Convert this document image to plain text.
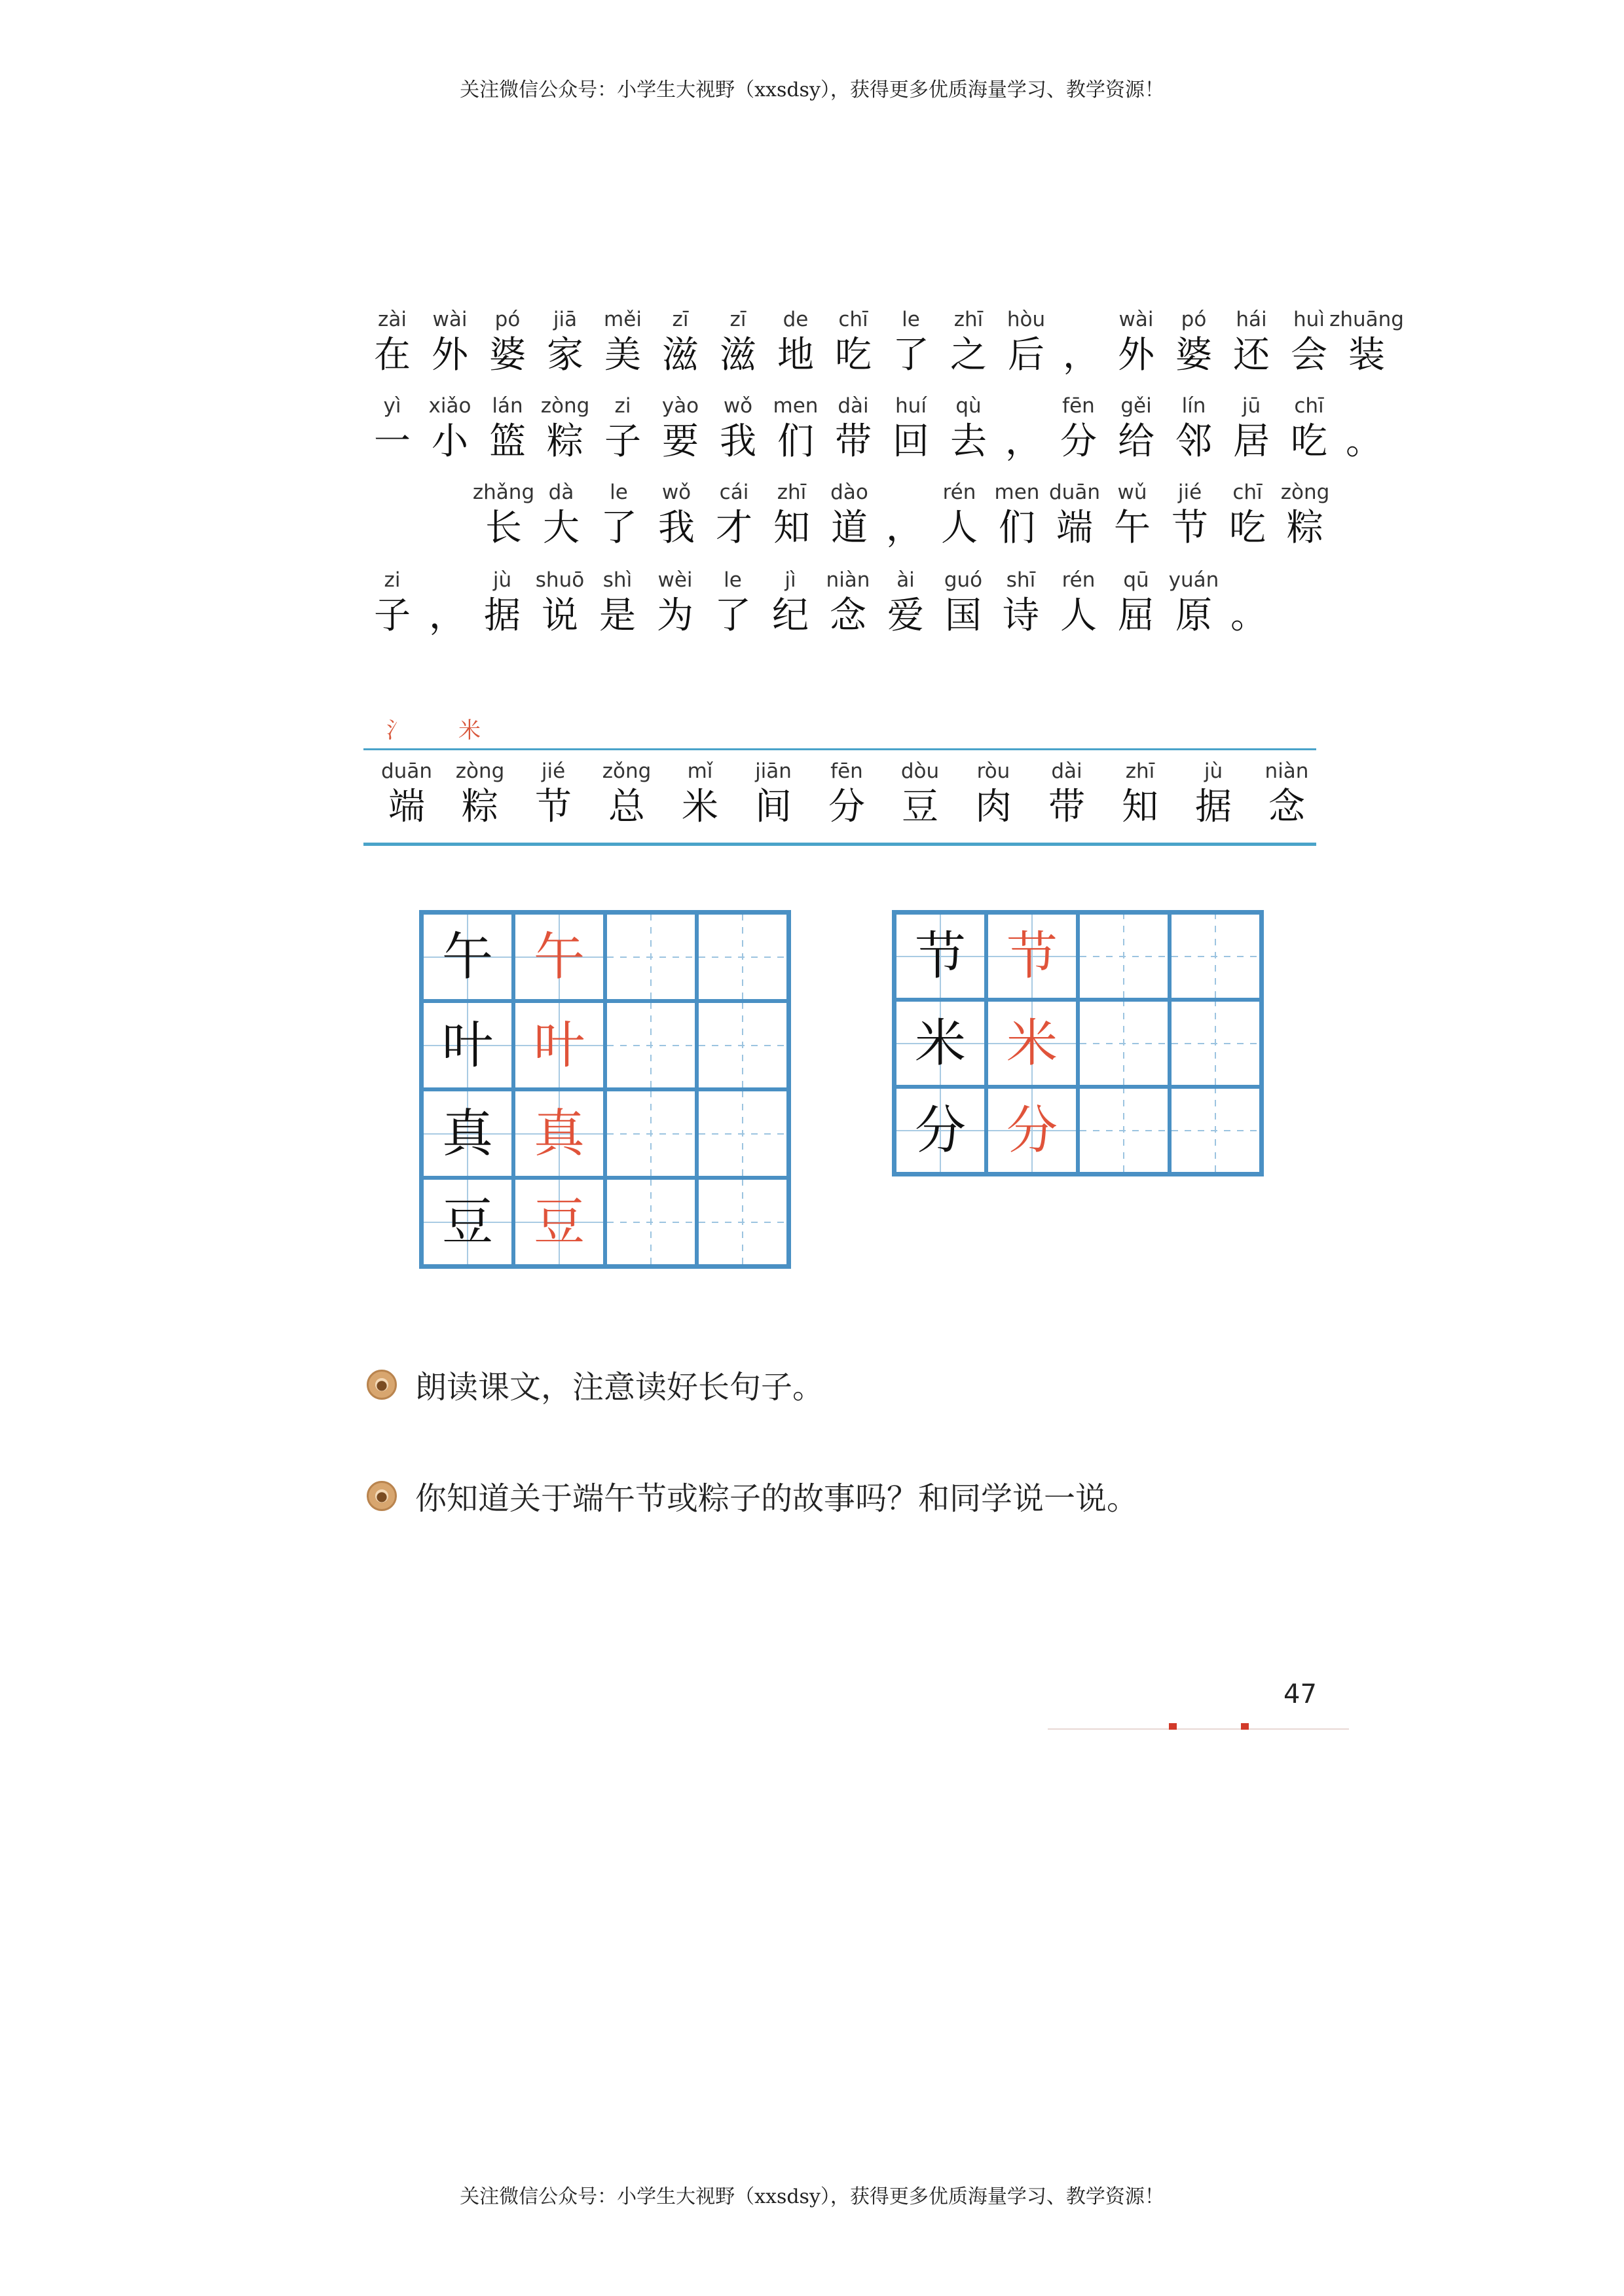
关注微信公众号：小学生大视野（xxsdsy），获得更多优质海量学习、教学资源！
zài
在
wài
外
pó
婆
jiā
家
měi
美
zī
滋
zī
滋
de
地
chī
吃
le
了
zhī
之
hòu
后 ，
wài
外
pó
婆
hái
还
huì
会
zhuāng
装
yì
一
xiǎo
小
lán
篮
zòng
粽
zi
子
yào
要
wǒ
我
men
们
dài
带
huí
回
qù
去 ，
fēn
分
gěi
给
lín
邻
jū
居
chī
吃 。
zhǎng
长
dà
大
le
了
wǒ
我
cái
才
zhī
知
dào
道 ，
rén
人
men
们
duān
端
wǔ
午
jié
节
chī
吃
zòng
粽
zi
子 ，
jù
据
shuō
说
shì
是
wèi
为
le
了
jì
纪
niàn
念
ài
爱
guó
国
shī
诗
rén
人
qū
屈
yuán
原 。
氵 米
duān
端
zòng
粽
jié
节
zǒng
总
mǐ
米
jiān
间
fēn
分
dòu
豆
ròu
肉
dài
带
zhī
知
jù
据
niàn
念
午 午
叶 叶
真 真
豆 豆
节 节
米 米
分 分
● 朗读课文，注意读好长句子。
● 你知道关于端午节或粽子的故事吗？和同学说一说。
47
关注微信公众号：小学生大视野（xxsdsy），获得更多优质海量学习、教学资源！
